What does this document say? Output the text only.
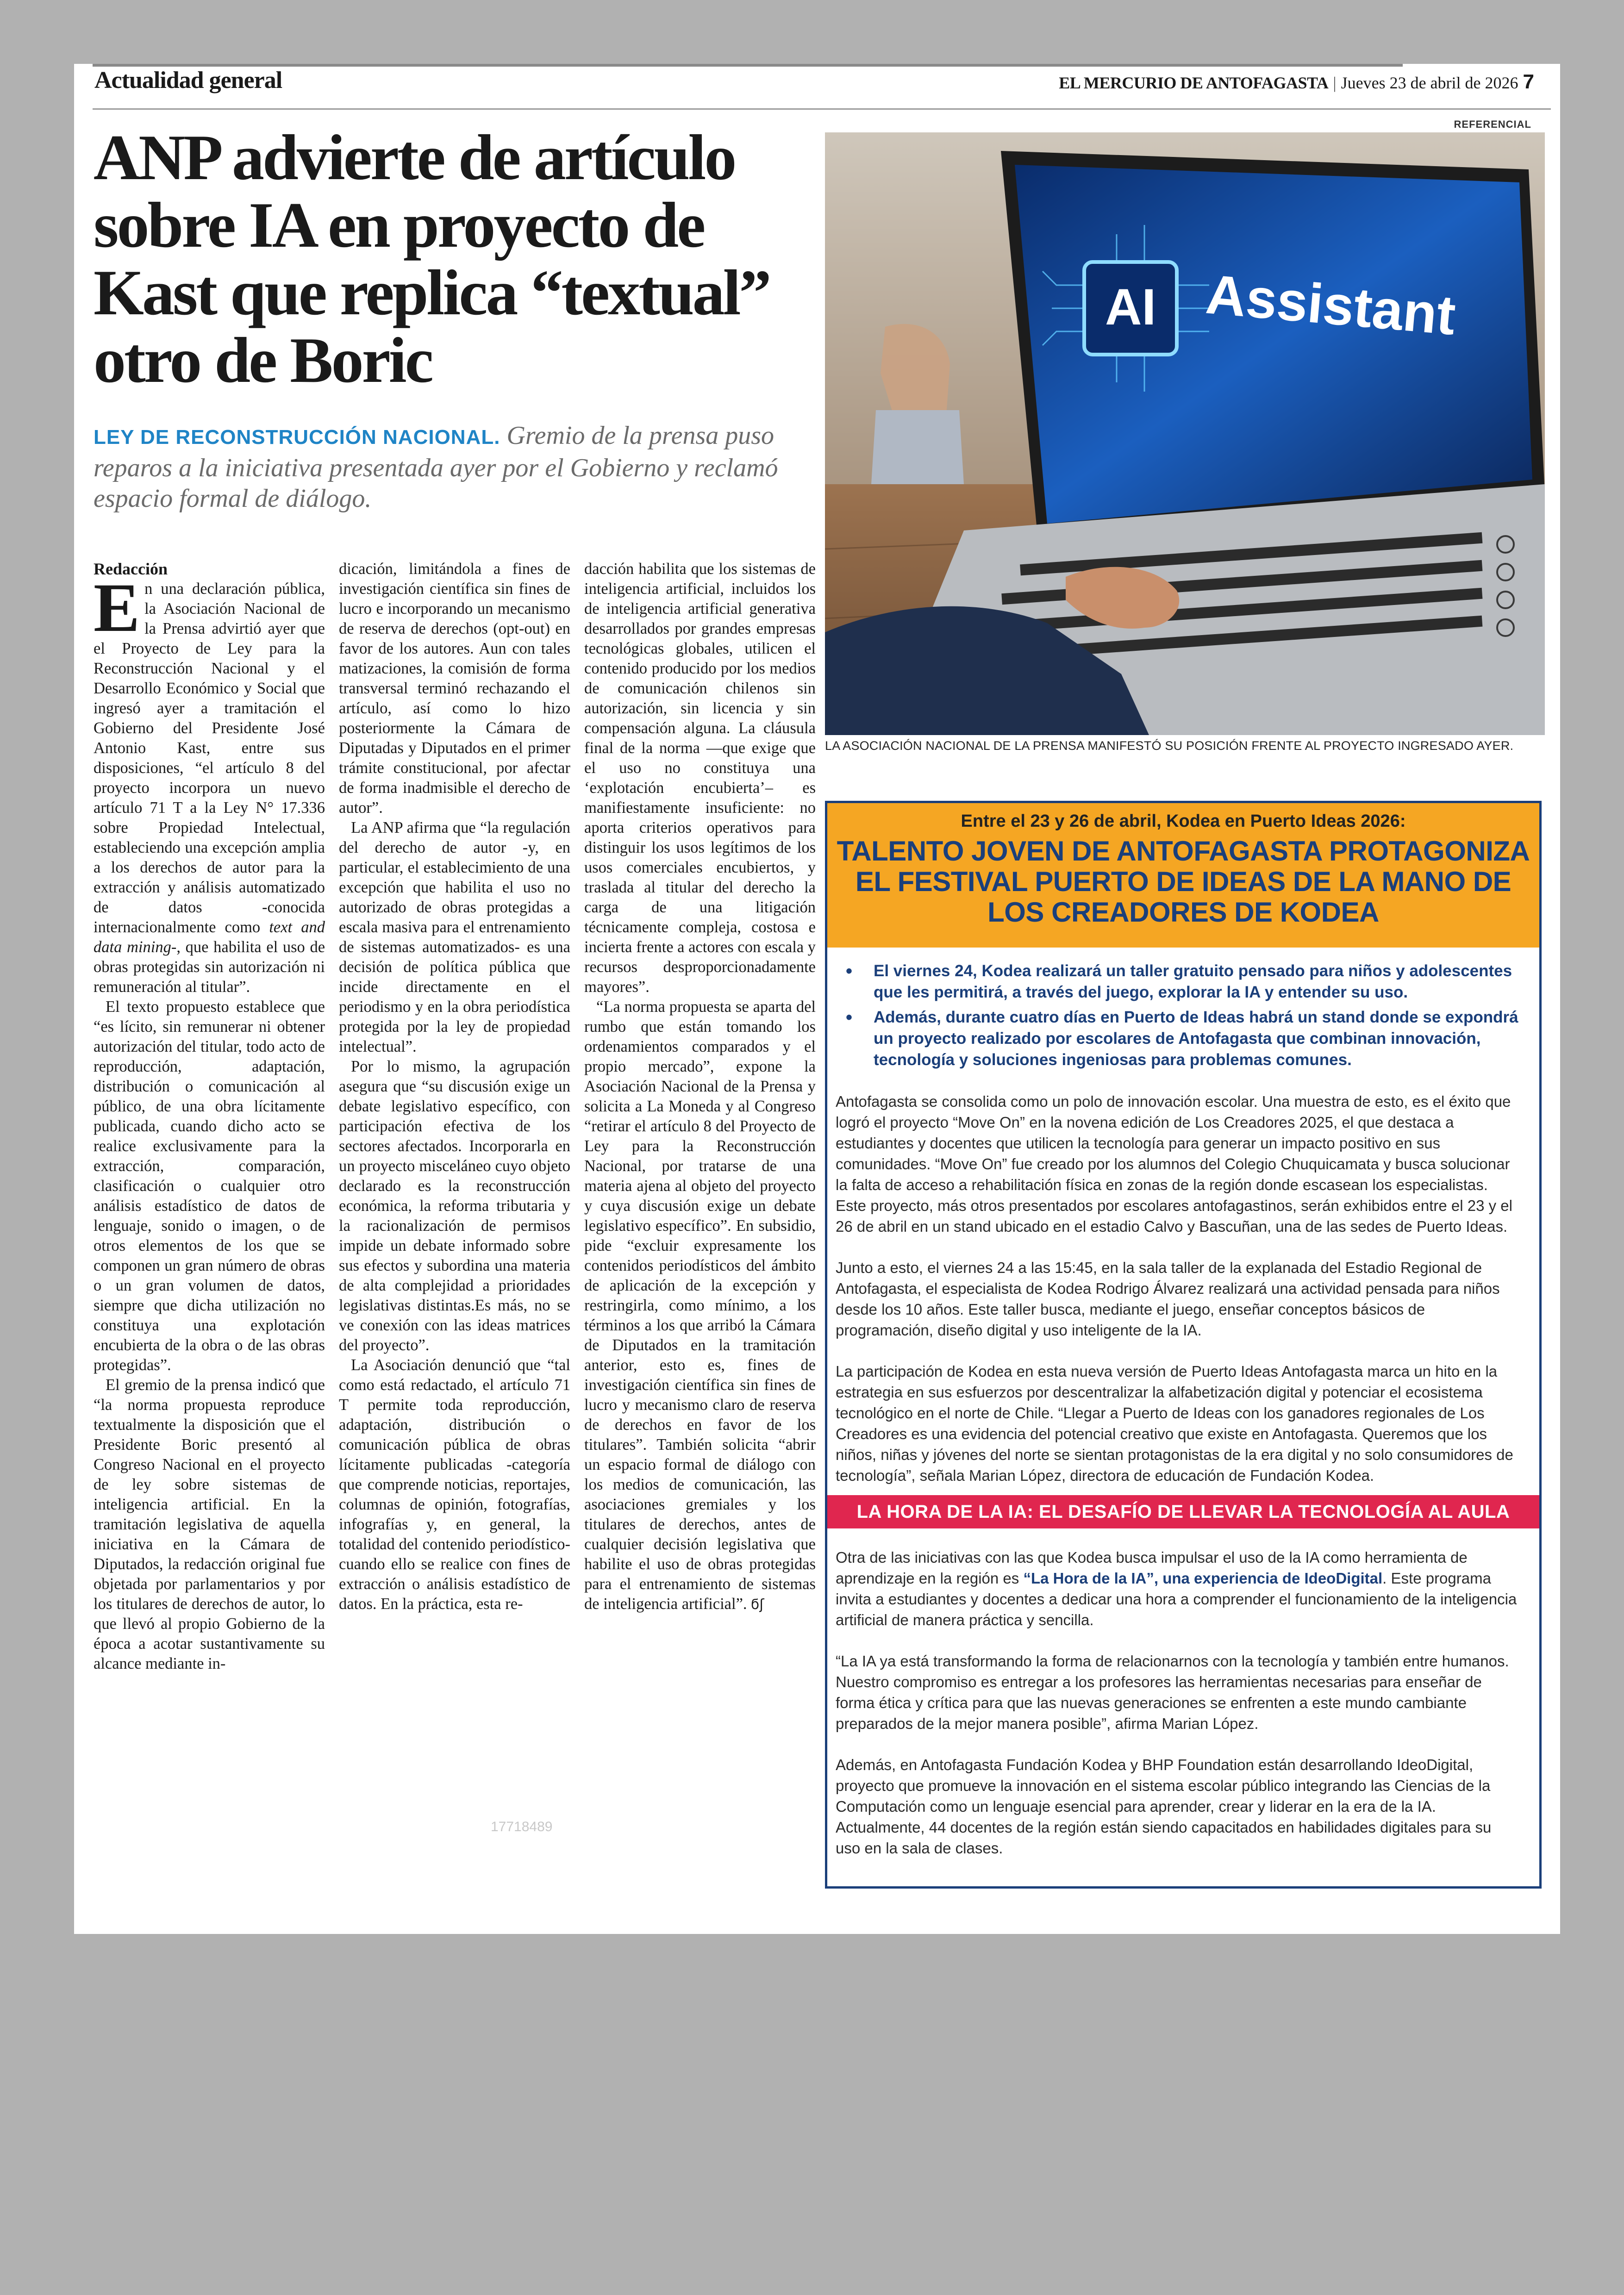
Actualidad general	EL MERCURIO DE ANTOFAGASTA | Jueves 23 de abril de 2026 7
ANP advierte de artículo sobre IA en proyecto de Kast que replica “textual” otro de Boric
LEY DE RECONSTRUCCIÓN NACIONAL. Gremio de la prensa puso reparos a la iniciativa presentada ayer por el Gobierno y reclamó espacio formal de diálogo.

Redacción

En una declaración pública, la Asociación Nacional de la Prensa advirtió ayer que el Proyecto de Ley para la Reconstrucción Nacional y el Desarrollo Económico y Social que ingresó ayer a tramitación el Gobierno del Presidente José Antonio Kast, entre sus disposiciones, “el artículo 8 del proyecto incorpora un nuevo artículo 71 T a la Ley N° 17.336 sobre Propiedad Intelectual, estableciendo una excepción amplia a los derechos de autor para la extracción y análisis automatizado de datos -conocida internacionalmente como text and data mining-, que habilita el uso de obras protegidas sin autorización ni remuneración al titular”.

El texto propuesto establece que “es lícito, sin remunerar ni obtener autorización del titular, todo acto de reproducción, adaptación, distribución o comunicación al público, de una obra lícitamente publicada, cuando dicho acto se realice exclusivamente para la extracción, comparación, clasificación o cualquier otro análisis estadístico de datos de lenguaje, sonido o imagen, o de otros elementos de los que se componen un gran número de obras o un gran volumen de datos, siempre que dicha utilización no constituya una explotación encubierta de la obra o de las obras protegidas”.

El gremio de la prensa indicó que “la norma propuesta reproduce textualmente la disposición que el Presidente Boric presentó al Congreso Nacional en el proyecto de ley sobre sistemas de inteligencia artificial. En la tramitación legislativa de aquella iniciativa en la Cámara de Diputados, la redacción original fue objetada por parlamentarios y por los titulares de derechos de autor, lo que llevó al propio Gobierno de la época a acotar sustantivamente su alcance mediante in-

dicación, limitándola a fines de investigación científica sin fines de lucro e incorporando un mecanismo de reserva de derechos (opt-out) en favor de los autores. Aun con tales matizaciones, la comisión de forma transversal terminó rechazando el artículo, así como lo hizo posteriormente la Cámara de Diputadas y Diputados en el primer trámite constitucional, por afectar de forma inadmisible el derecho de autor”.

La ANP afirma que “la regulación del derecho de autor -y, en particular, el establecimiento de una excepción que habilita el uso no autorizado de obras protegidas a escala masiva para el entrenamiento de sistemas automatizados- es una decisión de política pública que incide directamente en el periodismo y en la obra periodística protegida por la ley de propiedad intelectual”.

Por lo mismo, la agrupación asegura que “su discusión exige un debate legislativo específico, con participación efectiva de los sectores afectados. Incorporarla en un proyecto misceláneo cuyo objeto declarado es la reconstrucción económica, la reforma tributaria y la racionalización de permisos impide un debate informado sobre sus efectos y subordina una materia de alta complejidad a prioridades legislativas distintas.Es más, no se ve conexión con las ideas matrices del proyecto”.

La Asociación denunció que “tal como está redactado, el artículo 71 T permite toda reproducción, adaptación, distribución o comunicación pública de obras lícitamente publicadas -categoría que comprende noticias, reportajes, columnas de opinión, fotografías, infografías y, en general, la totalidad del contenido periodístico- cuando ello se realice con fines de extracción o análisis estadístico de datos. En la práctica, esta re-

dacción habilita que los sistemas de inteligencia artificial, incluidos los de inteligencia artificial generativa desarrollados por grandes empresas tecnológicas globales, utilicen el contenido producido por los medios de comunicación chilenos sin autorización, sin licencia y sin compensación alguna. La cláusula final de la norma —que exige que el uso no constituya una ‘explotación encubierta’– es manifiestamente insuficiente: no aporta criterios operativos para distinguir los usos legítimos de los usos comerciales encubiertos, y traslada al titular del derecho la carga de una litigación técnicamente compleja, costosa e incierta frente a actores con escala y recursos desproporcionadamente mayores”.

“La norma propuesta se aparta del rumbo que están tomando los ordenamientos comparados y el propio mercado”, expone la Asociación Nacional de la Prensa y solicita a La Moneda y al Congreso “retirar el artículo 8 del Proyecto de Ley para la Reconstrucción Nacional, por tratarse de una materia ajena al objeto del proyecto y cuya discusión exige un debate legislativo específico”. En subsidio, pide “excluir expresamente los contenidos periodísticos del ámbito de aplicación de la excepción y restringirla, como mínimo, a los términos a los que arribó la Cámara de Diputados en la tramitación anterior, esto es, fines de investigación científica sin fines de lucro y mecanismo claro de reserva de derechos en favor de los titulares”. También solicita “abrir un espacio formal de diálogo con los medios de comunicación, las asociaciones gremiales y los titulares de derechos, antes de cualquier decisión legislativa que habilite el uso de obras protegidas para el entrenamiento de sistemas de inteligencia artificial”. ϭʃ

17718489
REFERENCIAL
AI Assistant
LA ASOCIACIÓN NACIONAL DE LA PRENSA MANIFESTÓ SU POSICIÓN FRENTE AL PROYECTO INGRESADO AYER.
Entre el 23 y 26 de abril, Kodea en Puerto Ideas 2026:
TALENTO JOVEN DE ANTOFAGASTA PROTAGONIZA EL FESTIVAL PUERTO DE IDEAS DE LA MANO DE LOS CREADORES DE KODEA
• El viernes 24, Kodea realizará un taller gratuito pensado para niños y adolescentes que les permitirá, a través del juego, explorar la IA y entender su uso.
• Además, durante cuatro días en Puerto de Ideas habrá un stand donde se expondrá un proyecto realizado por escolares de Antofagasta que combinan innovación, tecnología y soluciones ingeniosas para problemas comunes.

Antofagasta se consolida como un polo de innovación escolar. Una muestra de esto, es el éxito que logró el proyecto “Move On” en la novena edición de Los Creadores 2025, el que destaca a estudiantes y docentes que utilicen la tecnología para generar un impacto positivo en sus comunidades. “Move On” fue creado por los alumnos del Colegio Chuquicamata y busca solucionar la falta de acceso a rehabilitación física en zonas de la región donde escasean los especialistas. Este proyecto, más otros presentados por escolares antofagastinos, serán exhibidos entre el 23 y el 26 de abril en un stand ubicado en el estadio Calvo y Bascuñan, una de las sedes de Puerto Ideas.

Junto a esto, el viernes 24 a las 15:45, en la sala taller de la explanada del Estadio Regional de Antofagasta, el especialista de Kodea Rodrigo Álvarez realizará una actividad pensada para niños desde los 10 años. Este taller busca, mediante el juego, enseñar conceptos básicos de programación, diseño digital y uso inteligente de la IA.

La participación de Kodea en esta nueva versión de Puerto Ideas Antofagasta marca un hito en la estrategia en sus esfuerzos por descentralizar la alfabetización digital y potenciar el ecosistema tecnológico en el norte de Chile. “Llegar a Puerto de Ideas con los ganadores regionales de Los Creadores es una evidencia del potencial creativo que existe en Antofagasta. Queremos que los niños, niñas y jóvenes del norte se sientan protagonistas de la era digital y no solo consumidores de tecnología”, señala Marian López, directora de educación de Fundación Kodea.

LA HORA DE LA IA: EL DESAFÍO DE LLEVAR LA TECNOLOGÍA AL AULA

Otra de las iniciativas con las que Kodea busca impulsar el uso de la IA como herramienta de aprendizaje en la región es “La Hora de la IA”, una experiencia de IdeoDigital. Este programa invita a estudiantes y docentes a dedicar una hora a comprender el funcionamiento de la inteligencia artificial de manera práctica y sencilla.

“La IA ya está transformando la forma de relacionarnos con la tecnología y también entre humanos. Nuestro compromiso es entregar a los profesores las herramientas necesarias para enseñar de forma ética y crítica para que las nuevas generaciones se enfrenten a este mundo cambiante preparados de la mejor manera posible”, afirma Marian López.

Además, en Antofagasta Fundación Kodea y BHP Foundation están desarrollando IdeoDigital, proyecto que promueve la innovación en el sistema escolar público integrando las Ciencias de la Computación como un lenguaje esencial para aprender, crear y liderar en la era de la IA. Actualmente, 44 docentes de la región están siendo capacitados en habilidades digitales para su uso en la sala de clases.
